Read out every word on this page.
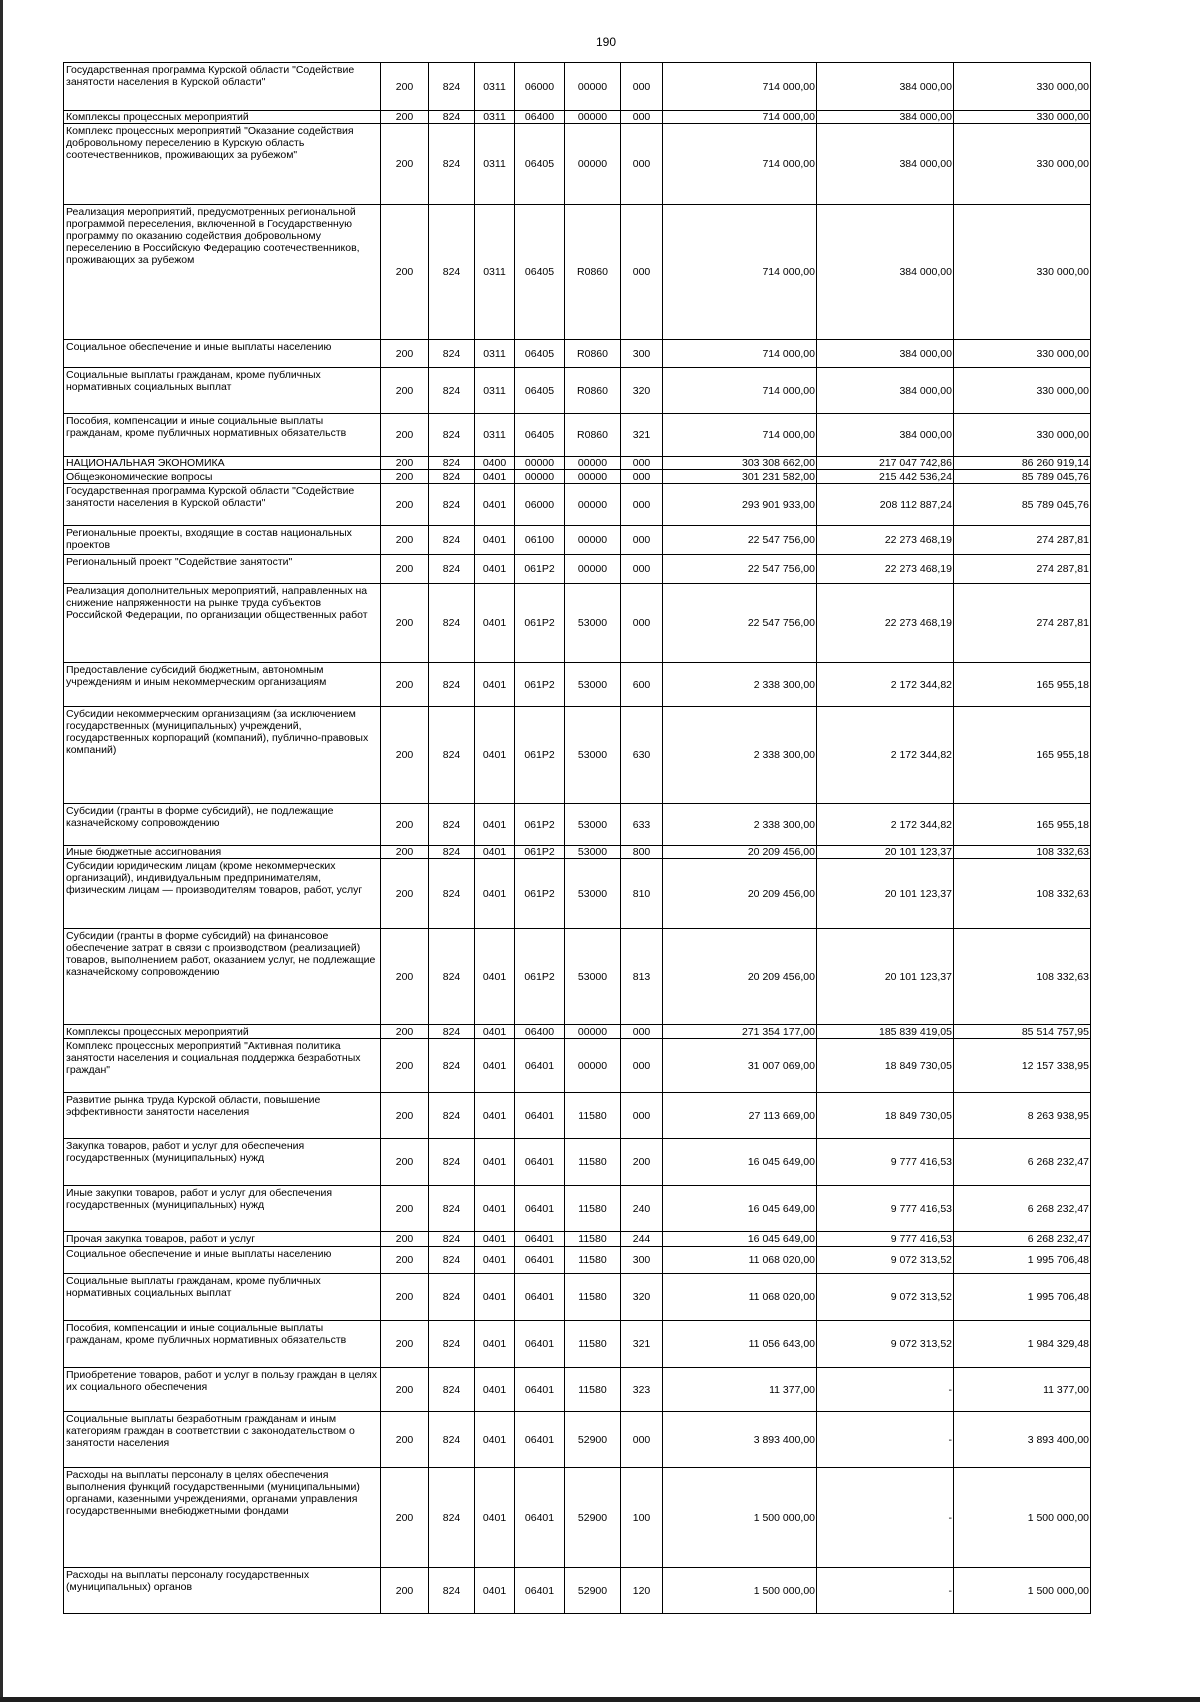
190
Государственная программа Курской области "Содействие занятости населения в Курской области"	200	824	0311	06000	00000	000	714 000,00	384 000,00	330 000,00
Комплексы процессных мероприятий	200	824	0311	06400	00000	000	714 000,00	384 000,00	330 000,00
Комплекс процессных мероприятий "Оказание содействия добровольному переселению в Курскую область соотечественников, проживающих за рубежом"	200	824	0311	06405	00000	000	714 000,00	384 000,00	330 000,00
Реализация мероприятий, предусмотренных региональной программой переселения, включенной в Государственную программу по оказанию содействия добровольному переселению в Российскую Федерацию соотечественников, проживающих за рубежом	200	824	0311	06405	R0860	000	714 000,00	384 000,00	330 000,00
Социальное обеспечение и иные выплаты населению	200	824	0311	06405	R0860	300	714 000,00	384 000,00	330 000,00
Социальные выплаты гражданам, кроме публичных нормативных социальных выплат	200	824	0311	06405	R0860	320	714 000,00	384 000,00	330 000,00
Пособия, компенсации и иные социальные выплаты гражданам, кроме публичных нормативных обязательств	200	824	0311	06405	R0860	321	714 000,00	384 000,00	330 000,00
НАЦИОНАЛЬНАЯ ЭКОНОМИКА	200	824	0400	00000	00000	000	303 308 662,00	217 047 742,86	86 260 919,14
Общеэкономические вопросы	200	824	0401	00000	00000	000	301 231 582,00	215 442 536,24	85 789 045,76
Государственная программа Курской области "Содействие занятости населения в Курской области"	200	824	0401	06000	00000	000	293 901 933,00	208 112 887,24	85 789 045,76
Региональные проекты, входящие в состав национальных проектов	200	824	0401	06100	00000	000	22 547 756,00	22 273 468,19	274 287,81
Региональный проект "Содействие занятости"	200	824	0401	061P2	00000	000	22 547 756,00	22 273 468,19	274 287,81
Реализация дополнительных мероприятий, направленных на снижение напряженности на рынке труда субъектов Российской Федерации, по организации общественных работ	200	824	0401	061P2	53000	000	22 547 756,00	22 273 468,19	274 287,81
Предоставление субсидий бюджетным, автономным учреждениям и иным некоммерческим организациям	200	824	0401	061P2	53000	600	2 338 300,00	2 172 344,82	165 955,18
Субсидии некоммерческим организациям (за исключением государственных (муниципальных) учреждений, государственных корпораций (компаний), публично-правовых компаний)	200	824	0401	061P2	53000	630	2 338 300,00	2 172 344,82	165 955,18
Субсидии (гранты в форме субсидий), не подлежащие казначейскому сопровождению	200	824	0401	061P2	53000	633	2 338 300,00	2 172 344,82	165 955,18
Иные бюджетные ассигнования	200	824	0401	061P2	53000	800	20 209 456,00	20 101 123,37	108 332,63
Субсидии юридическим лицам (кроме некоммерческих организаций), индивидуальным предпринимателям, физическим лицам — производителям товаров, работ, услуг	200	824	0401	061P2	53000	810	20 209 456,00	20 101 123,37	108 332,63
Субсидии (гранты в форме субсидий) на финансовое обеспечение затрат в связи с производством (реализацией) товаров, выполнением работ, оказанием услуг, не подлежащие казначейскому сопровождению	200	824	0401	061P2	53000	813	20 209 456,00	20 101 123,37	108 332,63
Комплексы процессных мероприятий	200	824	0401	06400	00000	000	271 354 177,00	185 839 419,05	85 514 757,95
Комплекс процессных мероприятий "Активная политика занятости населения и социальная поддержка безработных граждан"	200	824	0401	06401	00000	000	31 007 069,00	18 849 730,05	12 157 338,95
Развитие рынка труда Курской области, повышение эффективности занятости населения	200	824	0401	06401	11580	000	27 113 669,00	18 849 730,05	8 263 938,95
Закупка товаров, работ и услуг для обеспечения государственных (муниципальных) нужд	200	824	0401	06401	11580	200	16 045 649,00	9 777 416,53	6 268 232,47
Иные закупки товаров, работ и услуг для обеспечения государственных (муниципальных) нужд	200	824	0401	06401	11580	240	16 045 649,00	9 777 416,53	6 268 232,47
Прочая закупка товаров, работ и услуг	200	824	0401	06401	11580	244	16 045 649,00	9 777 416,53	6 268 232,47
Социальное обеспечение и иные выплаты населению	200	824	0401	06401	11580	300	11 068 020,00	9 072 313,52	1 995 706,48
Социальные выплаты гражданам, кроме публичных нормативных социальных выплат	200	824	0401	06401	11580	320	11 068 020,00	9 072 313,52	1 995 706,48
Пособия, компенсации и иные социальные выплаты гражданам, кроме публичных нормативных обязательств	200	824	0401	06401	11580	321	11 056 643,00	9 072 313,52	1 984 329,48
Приобретение товаров, работ и услуг в пользу граждан в целях их социального обеспечения	200	824	0401	06401	11580	323	11 377,00	-	11 377,00
Социальные выплаты безработным гражданам и иным категориям граждан в соответствии с законодательством о занятости населения	200	824	0401	06401	52900	000	3 893 400,00	-	3 893 400,00
Расходы на выплаты персоналу в целях обеспечения выполнения функций государственными (муниципальными) органами, казенными учреждениями, органами управления государственными внебюджетными фондами	200	824	0401	06401	52900	100	1 500 000,00	-	1 500 000,00
Расходы на выплаты персоналу государственных (муниципальных) органов	200	824	0401	06401	52900	120	1 500 000,00	-	1 500 000,00
